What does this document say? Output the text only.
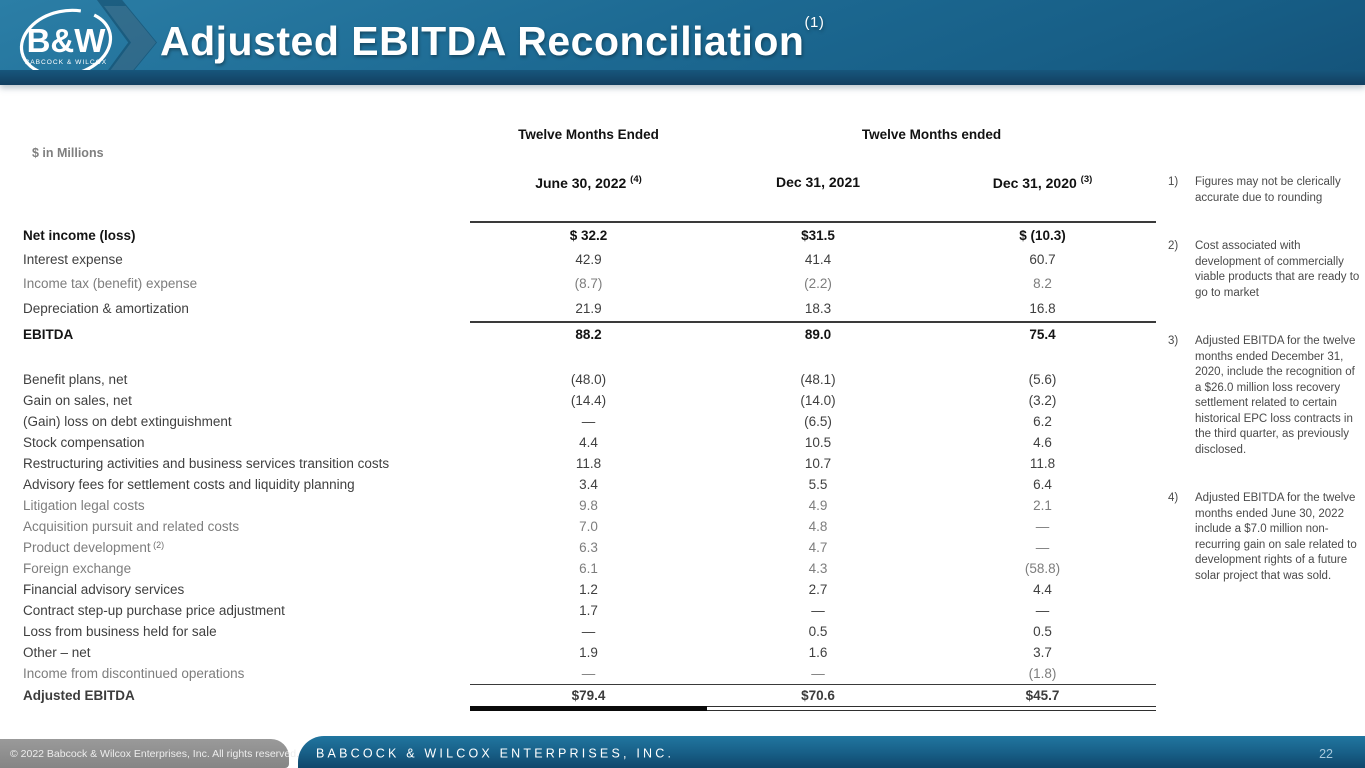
B&W
BABCOCK & WILCOX Adjusted EBITDA Reconciliation$^{(1)}$
$ in Millions
Twelve Months Ended	Twelve Months ended
June 30, 2022 $^{(4)}$	Dec 31, 2021	Dec 31, 2020 $^{(3)}$
Net income (loss)	$ 32.2	$31.5	$ (10.3)
Interest expense	42.9	41.4	60.7
Income tax (benefit) expense	(8.7)	(2.2)	8.2
Depreciation & amortization	21.9	18.3	16.8
EBITDA	88.2	89.0	75.4
Benefit plans, net	(48.0)	(48.1)	(5.6)
Gain on sales, net	(14.4)	(14.0)	(3.2)
(Gain) loss on debt extinguishment	—	(6.5)	6.2
Stock compensation	4.4	10.5	4.6
Restructuring activities and business services transition costs	11.8	10.7	11.8
Advisory fees for settlement costs and liquidity planning	3.4	5.5	6.4
Litigation legal costs	9.8	4.9	2.1
Acquisition pursuit and related costs	7.0	4.8	—
Product development $^{(2)}$	6.3	4.7	—
Foreign exchange	6.1	4.3	(58.8)
Financial advisory services	1.2	2.7	4.4
Contract step-up purchase price adjustment	1.7	—	—
Loss from business held for sale	—	0.5	0.5
Other – net	1.9	1.6	3.7
Income from discontinued operations	—	—	(1.8)
Adjusted EBITDA	$79.4	$70.6	$45.7
1)	Figures may not be clerically accurate due to rounding
2)	Cost associated with development of commercially viable products that are ready to go to market
3)	Adjusted EBITDA for the twelve months ended December 31, 2020, include the recognition of a $26.0 million loss recovery settlement related to certain historical EPC loss contracts in the third quarter, as previously disclosed.
4)	Adjusted EBITDA for the twelve months ended June 30, 2022 include a $7.0 million non-recurring gain on sale related to development rights of a future solar project that was sold.
© 2022 Babcock & Wilcox Enterprises, Inc. All rights reserved. BABCOCK & WILCOX ENTERPRISES, INC.	22
